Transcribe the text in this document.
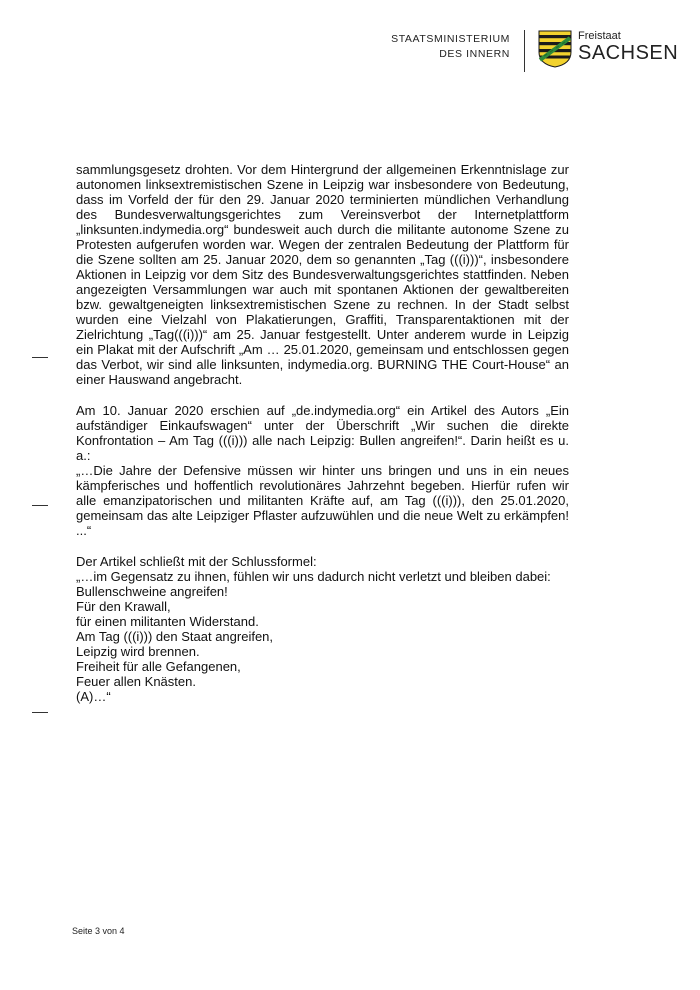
STAATSMINISTERIUM
DES INNERN
Freistaat
SACHSEN

sammlungsgesetz drohten. Vor dem Hintergrund der allgemeinen Erkenntnislage zur autonomen linksextremistischen Szene in Leipzig war insbesondere von Bedeutung, dass im Vorfeld der für den 29. Januar 2020 terminierten mündlichen Verhandlung des Bundesverwaltungsgerichtes zum Vereinsverbot der Internetplattform „linksunten.indymedia.org“ bundesweit auch durch die militante autonome Szene zu Protesten aufgerufen worden war. Wegen der zentralen Bedeutung der Plattform für die Szene sollten am 25. Januar 2020, dem so genannten „Tag (((i)))“, insbesondere Aktionen in Leipzig vor dem Sitz des Bundesverwaltungsgerichtes stattfinden. Neben angezeigten Versammlungen war auch mit spontanen Aktionen der gewaltbereiten bzw. gewaltgeneigten linksextremistischen Szene zu rechnen. In der Stadt selbst wurden eine Vielzahl von Plakatierungen, Graffiti, Transparentaktionen mit der Zielrichtung „Tag(((i)))“ am 25. Januar festgestellt. Unter anderem wurde in Leipzig ein Plakat mit der Aufschrift „Am … 25.01.2020, gemeinsam und entschlossen gegen das Verbot, wir sind alle linksunten, indymedia.org. BURNING THE Court-House“ an einer Hauswand angebracht.

Am 10. Januar 2020 erschien auf „de.indymedia.org“ ein Artikel des Autors „Ein aufständiger Einkaufswagen“ unter der Überschrift „Wir suchen die direkte Konfrontation – Am Tag (((i))) alle nach Leipzig: Bullen angreifen!“. Darin heißt es u. a.:

„…Die Jahre der Defensive müssen wir hinter uns bringen und uns in ein neues kämpferisches und hoffentlich revolutionäres Jahrzehnt begeben. Hierfür rufen wir alle emanzipatorischen und militanten Kräfte auf, am Tag (((i))), den 25.01.2020, gemeinsam das alte Leipziger Pflaster aufzuwühlen und die neue Welt zu erkämpfen! ...“

Der Artikel schließt mit der Schlussformel:

„…im Gegensatz zu ihnen, fühlen wir uns dadurch nicht verletzt und bleiben dabei:

Bullenschweine angreifen!

Für den Krawall,

für einen militanten Widerstand.

Am Tag (((i))) den Staat angreifen,

Leipzig wird brennen.

Freiheit für alle Gefangenen,

Feuer allen Knästen.

(A)…“

Seite 3 von 4
